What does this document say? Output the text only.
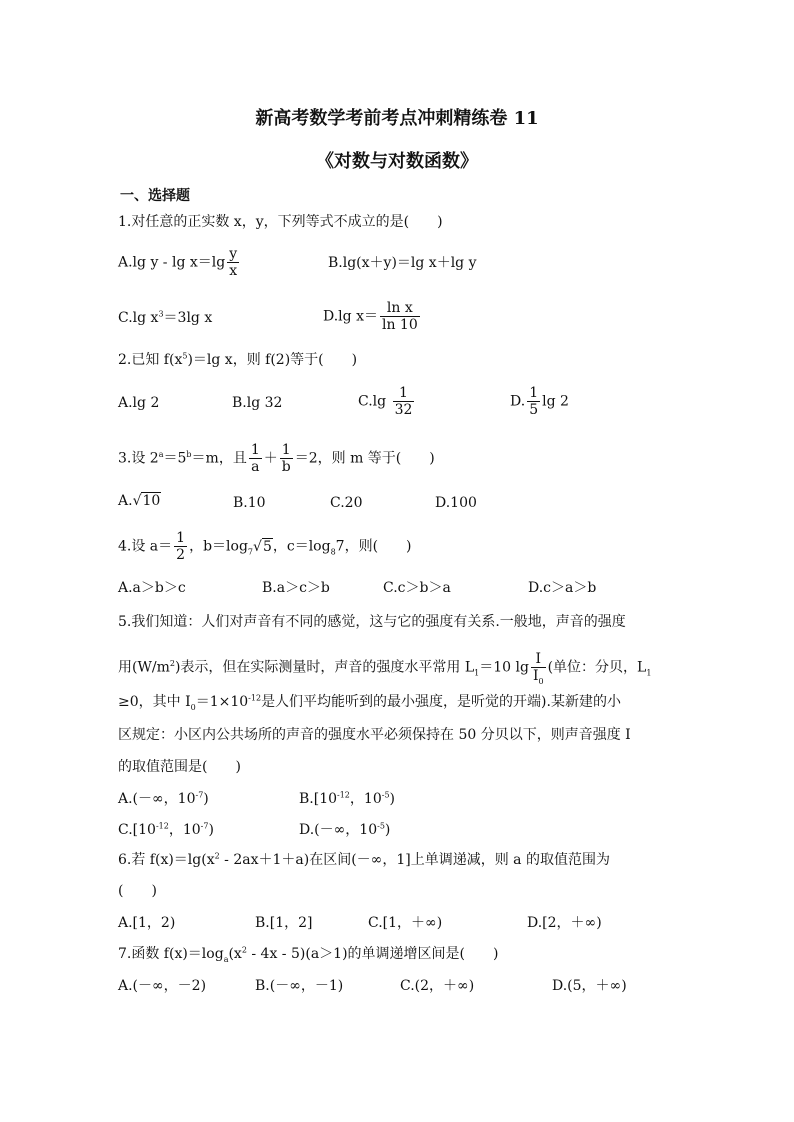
新高考数学考前考点冲刺精练卷 11
《对数与对数函数》
一、选择题
1.对任意的正实数 x，y，下列等式不成立的是(　　)
A.lg $y - \lg x=\lg \frac{y}{x}$	B.lg(x＋y)＝lg x＋lg y
C.lg $x^3=3\lg$ x	D.lg $x= \frac{\text{ln x}}{\ln 10}$
2.已知 $f(x^5)=\lg$ x，则 f(2)等于(　　)
A.lg 2	B.lg 32	$C.\lg \frac{1}{32}$	D. $\frac{1}{5}$ lg 2
3.设 $2^a=5^b=m$，且 $\frac{1}{a} + \frac{1}{b} =2$，则 m 等于(　　)
A.√10	B.10	C.20	D.100
4.设 $a= \frac{1}{2}$ ，$b=\log_7√5$，$c=\log_87$，则(　　)
A.a＞b＞c	B.a＞c＞b	C.c＞b＞a	D.c＞a＞b
5.我们知道：人们对声音有不同的感觉，这与它的强度有关系.一般地，声音的强度
用$(W/m^2)$表示，但在实际测量时，声音的强度水平常用 $L_1=10$ $\lg \frac{I}{I_0}$ (单位：分贝，$L_1$
≥0，其中 $I_0=1\times 10^{-12}$是人们平均能听到的最小强度，是听觉的开端).某新建的小
区规定：小区内公共场所的声音的强度水平必须保持在 50 分贝以下，则声音强度 I
的取值范围是(　　)
A.(－∞，$10^{-7}$)	$B.[10^{-12}$，$10^{-5}$)
$C.[10^{-12}$，$10^{-7}$)	D.(－∞，$10^{-5}$)
6.若 $f(x)=\lg(x^2 - 2ax+1+a)$在区间(－∞，1]上单调递减，则 a 的取值范围为
(　　)
A.[1，2)	B.[1，2]	C.[1，＋∞)	D.[2，＋∞)
7.函数 $f(x)=\log_a(x^2 - 4x - 5)(a>1)$的单调递增区间是(　　)
A.(－∞，－2)	B.(－∞，－1)	C.(2，＋∞)	D.(5，＋∞)
